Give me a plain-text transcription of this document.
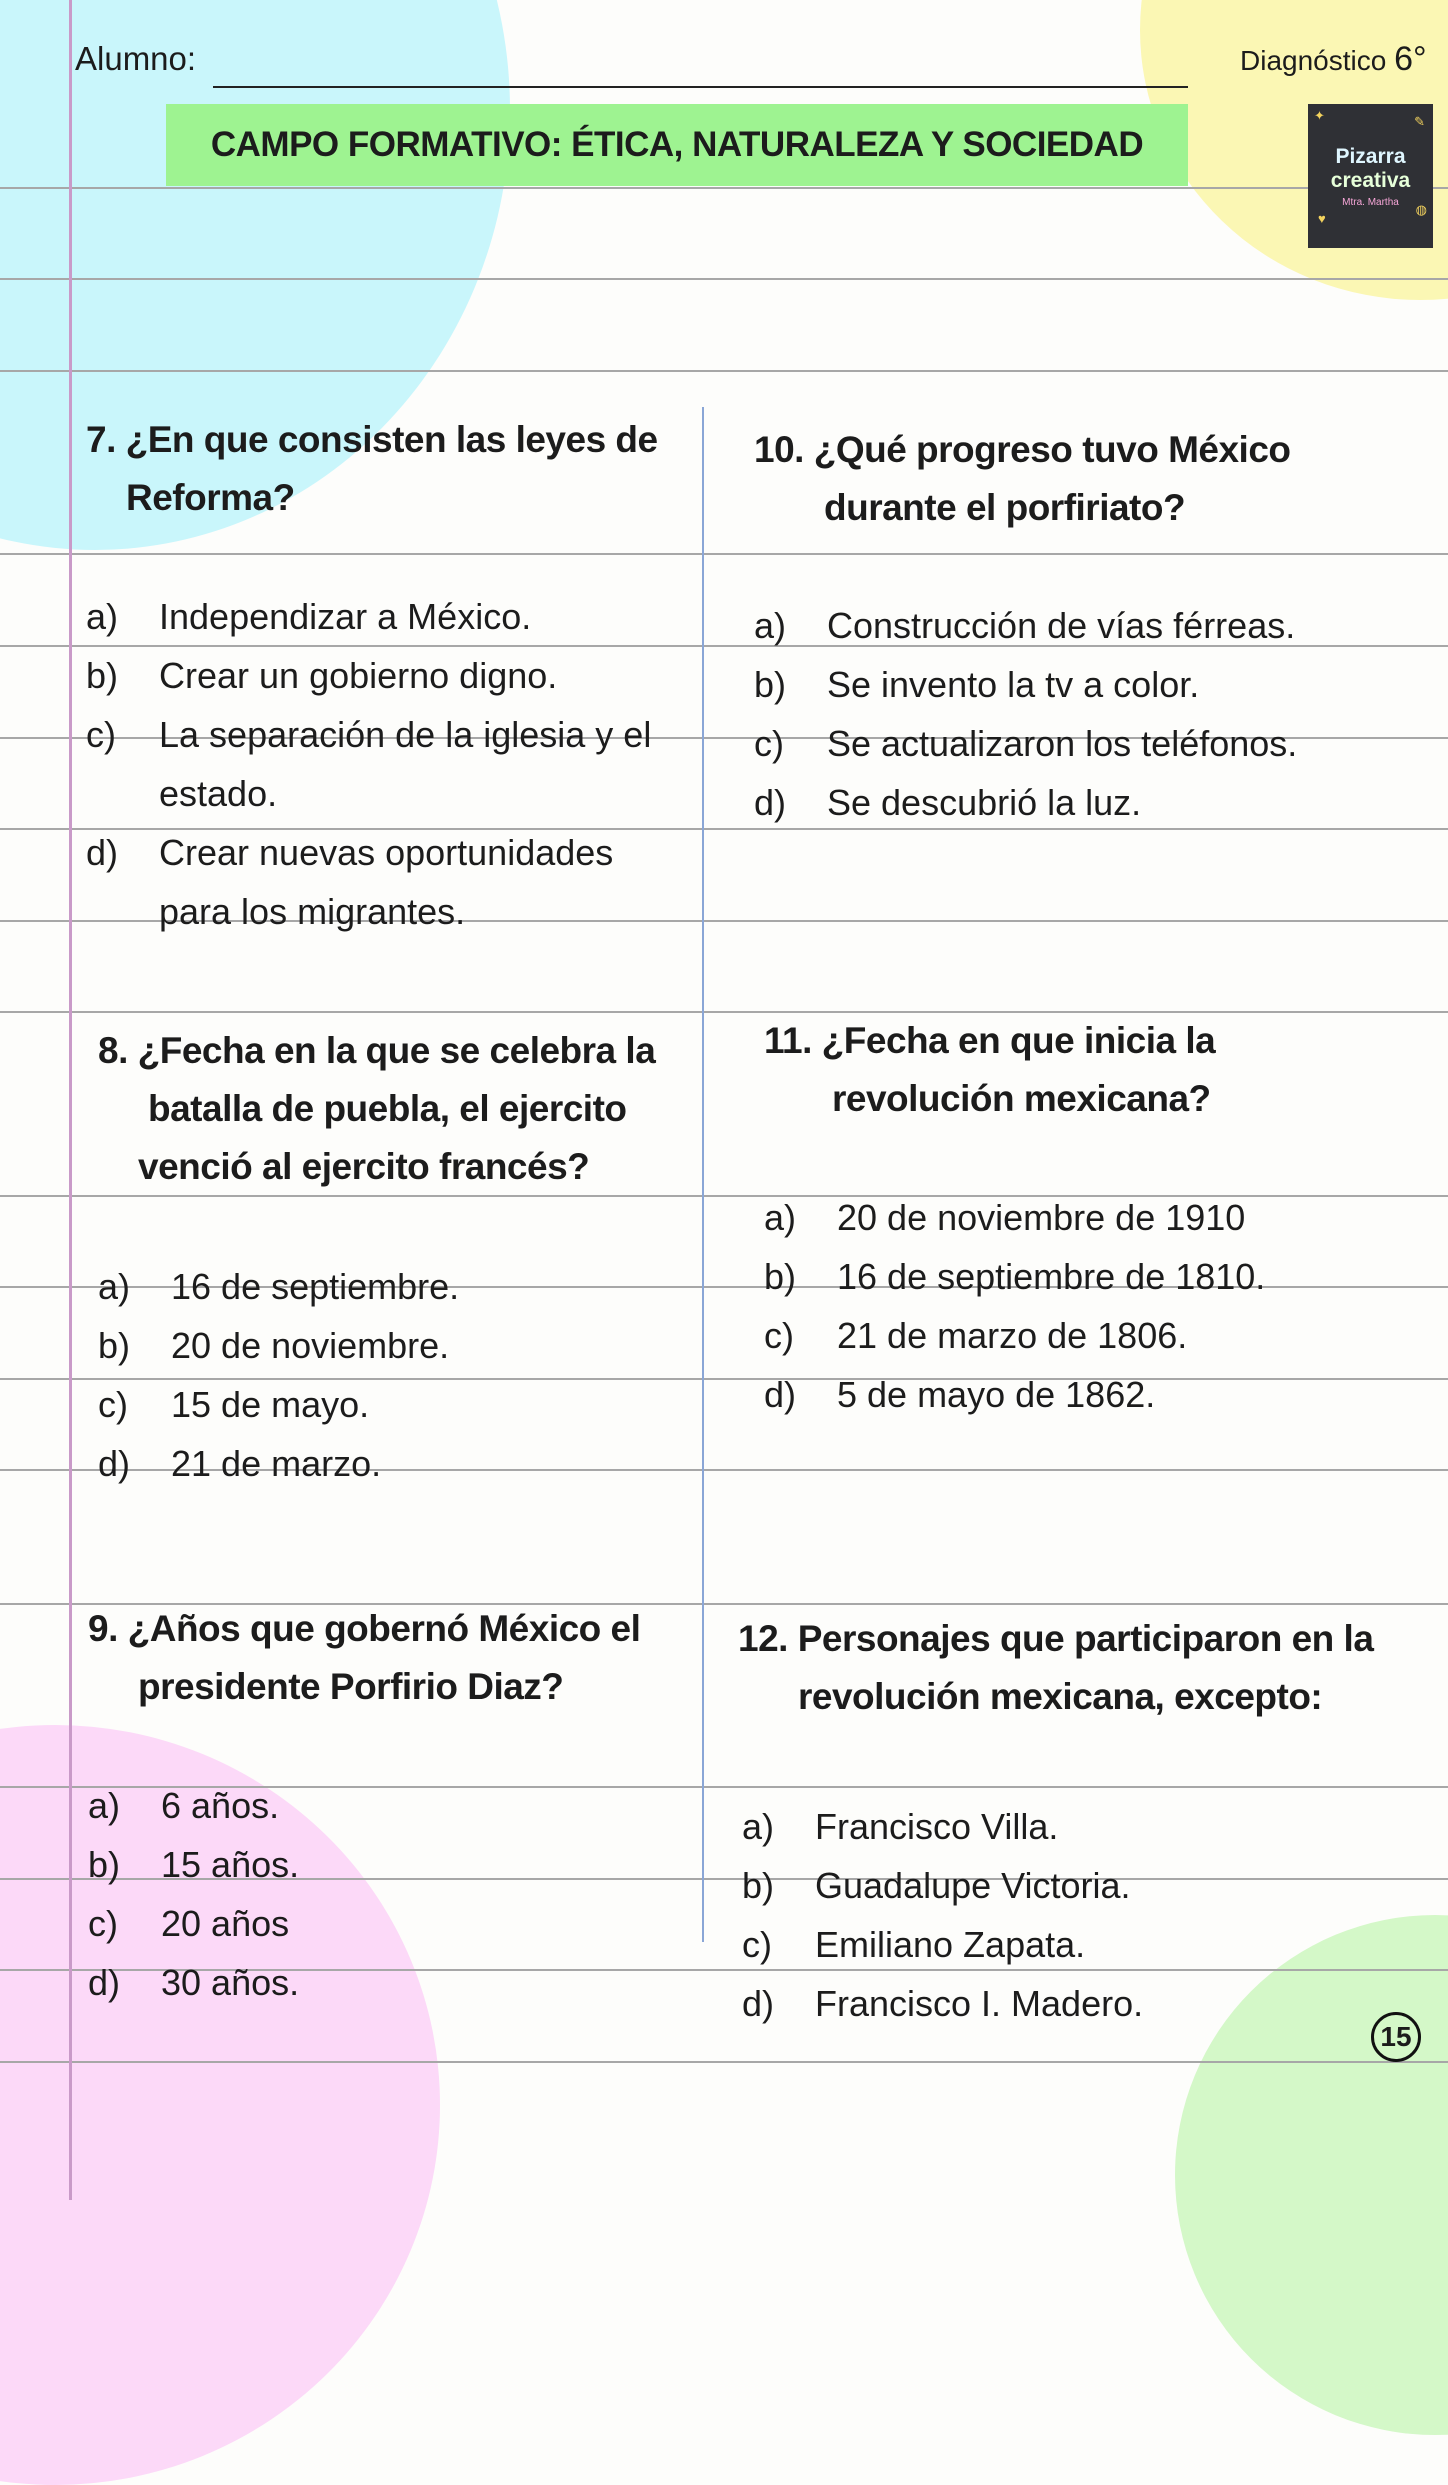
Alumno:	Diagnóstico 6°
CAMPO FORMATIVO: ÉTICA, NATURALEZA Y SOCIEDAD
✦	✎
♥
◍
Pizarra
creativa
Mtra. Martha
7. ¿En que consisten las leyes de
Reforma?
a)	Independizar a México.
b)	Crear un gobierno digno.
c)	La separación de la iglesia y el estado.
d)	Crear nuevas oportunidades para los migrantes.
8. ¿Fecha en la que se celebra la
batalla de puebla, el ejercito
venció al ejercito francés?
a)	16 de septiembre.
b)	20 de noviembre.
c)	15 de mayo.
d)	21 de marzo.
9. ¿Años que gobernó México el
presidente Porfirio Diaz?
a)	6 años.
b)	15 años.
c)	20 años
d)	30 años.
10. ¿Qué progreso tuvo México
durante el porfiriato?
a)	Construcción de vías férreas.
b)	Se invento la tv a color.
c)	Se actualizaron los teléfonos.
d)	Se descubrió la luz.
11. ¿Fecha en que inicia la
revolución mexicana?
a)	20 de noviembre de 1910
b)	16 de septiembre de 1810.
c)	21 de marzo de 1806.
d)	5 de mayo de 1862.
12. Personajes que participaron en la
revolución mexicana, excepto:
a)	Francisco Villa.
b)	Guadalupe Victoria.
c)	Emiliano Zapata.
d)	Francisco I. Madero.
15
